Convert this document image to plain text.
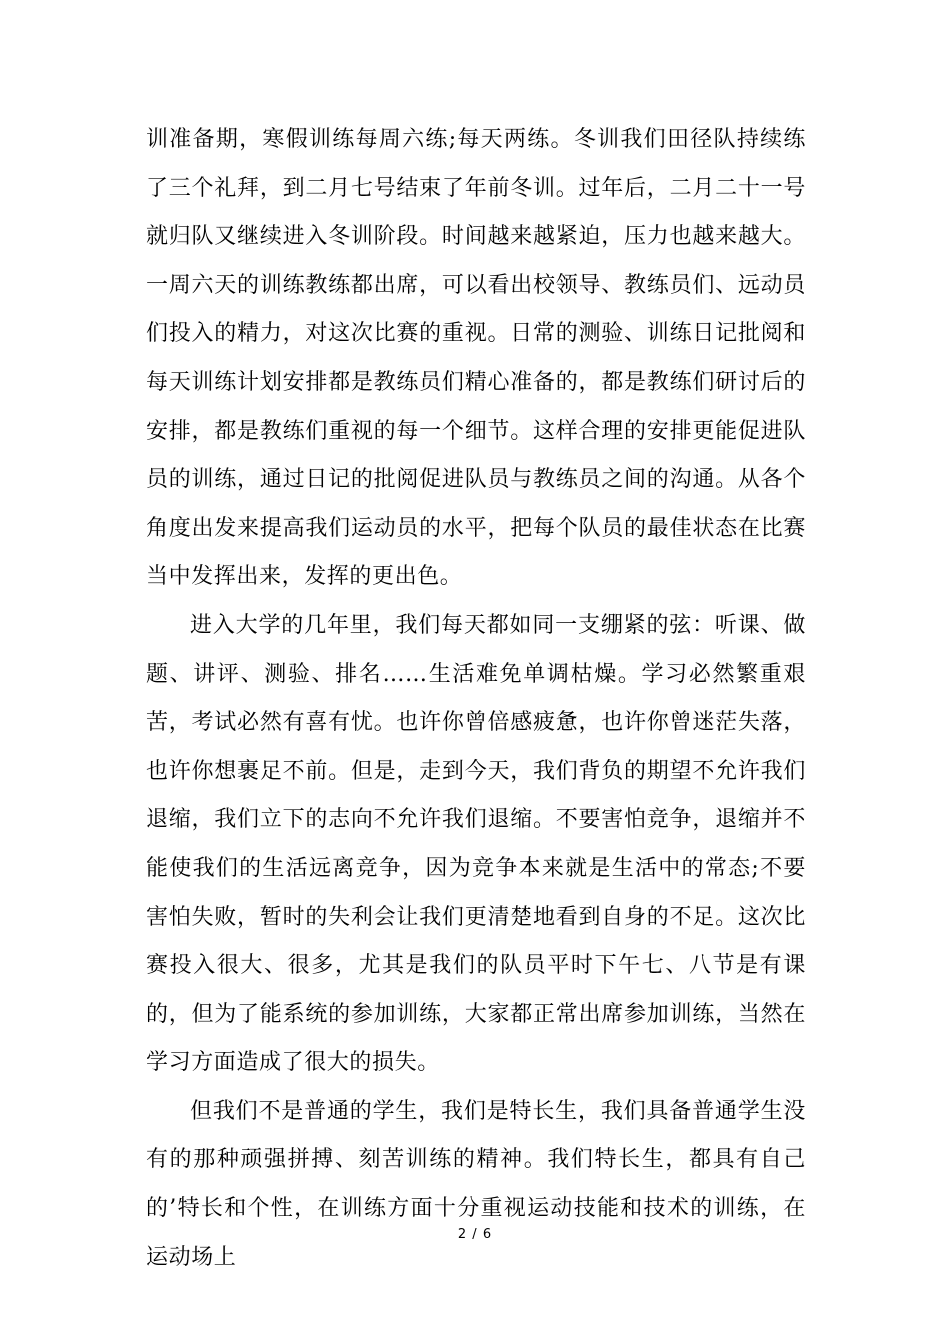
训准备期，寒假训练每周六练;每天两练。冬训我们田径队持续练了三个礼拜，到二月七号结束了年前冬训。过年后，二月二十一号就归队又继续进入冬训阶段。时间越来越紧迫，压力也越来越大。一周六天的训练教练都出席，可以看出校领导、教练员们、远动员们投入的精力，对这次比赛的重视。日常的测验、训练日记批阅和每天训练计划安排都是教练员们精心准备的，都是教练们研讨后的安排，都是教练们重视的每一个细节。这样合理的安排更能促进队员的训练，通过日记的批阅促进队员与教练员之间的沟通。从各个角度出发来提高我们运动员的水平，把每个队员的最佳状态在比赛当中发挥出来，发挥的更出色。

进入大学的几年里，我们每天都如同一支绷紧的弦：听课、做题、讲评、测验、排名……生活难免单调枯燥。学习必然繁重艰苦，考试必然有喜有忧。也许你曾倍感疲惫，也许你曾迷茫失落，也许你想裹足不前。但是，走到今天，我们背负的期望不允许我们退缩，我们立下的志向不允许我们退缩。不要害怕竞争，退缩并不能使我们的生活远离竞争，因为竞争本来就是生活中的常态;不要害怕失败，暂时的失利会让我们更清楚地看到自身的不足。这次比赛投入很大、很多，尤其是我们的队员平时下午七、八节是有课的，但为了能系统的参加训练，大家都正常出席参加训练，当然在学习方面造成了很大的损失。

但我们不是普通的学生，我们是特长生，我们具备普通学生没有的那种顽强拼搏、刻苦训练的精神。我们特长生，都具有自己的’特长和个性，在训练方面十分重视运动技能和技术的训练，在运动场上

2 / 6
